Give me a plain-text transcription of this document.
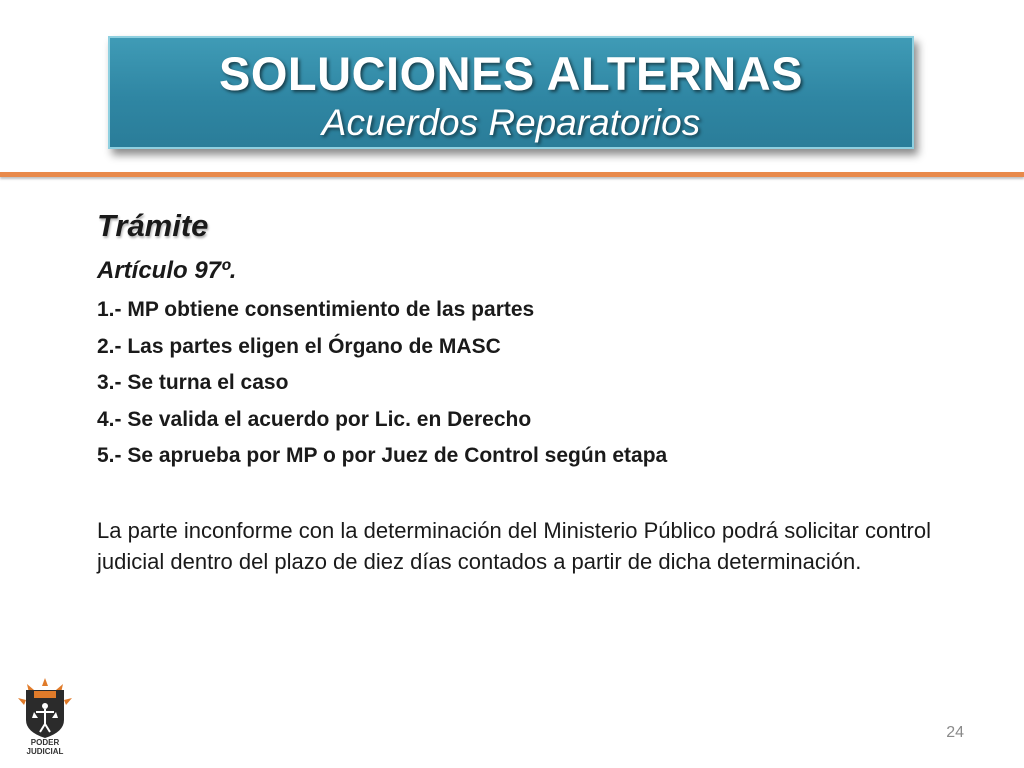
SOLUCIONES ALTERNAS
Acuerdos Reparatorios
Trámite
Artículo 97º.
1.- MP obtiene consentimiento de las partes
2.- Las partes eligen el Órgano de MASC
3.- Se turna el caso
4.- Se valida el acuerdo por Lic. en Derecho
5.- Se aprueba por MP o por Juez de Control según etapa

La parte inconforme con la determinación del Ministerio Público podrá solicitar control judicial dentro del plazo de diez días contados a partir de dicha determinación.

PODER JUDICIAL
24
